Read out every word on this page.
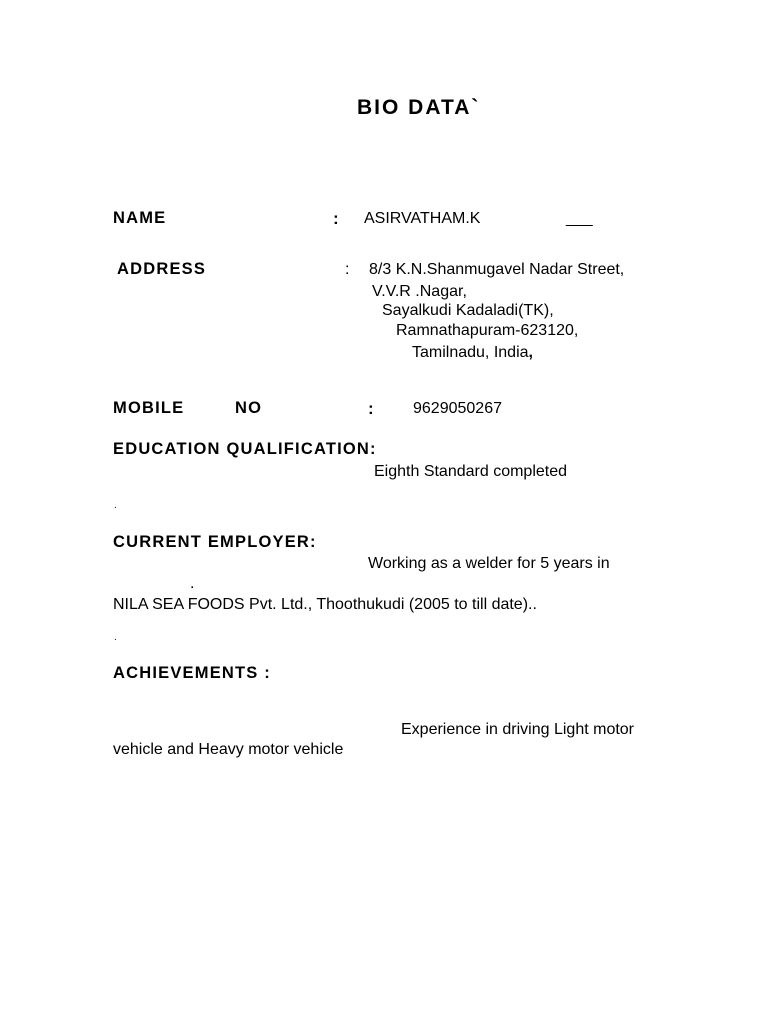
BIO DATA`
NAME	: ASIRVATHAM.K	___
ADDRESS	: 8/3 K.N.Shanmugavel Nadar Street,
V.V.R .Nagar,
Sayalkudi Kadaladi(TK),
Ramnathapuram-623120,
Tamilnadu, India,
MOBILE	NO	: 9629050267
EDUCATION QUALIFICATION:
Eighth Standard completed
.
CURRENT EMPLOYER:
Working as a welder for 5 years in
.
NILA SEA FOODS Pvt. Ltd., Thoothukudi (2005 to till date)..
.
ACHIEVEMENTS :
Experience in driving Light motor
vehicle and Heavy motor vehicle
